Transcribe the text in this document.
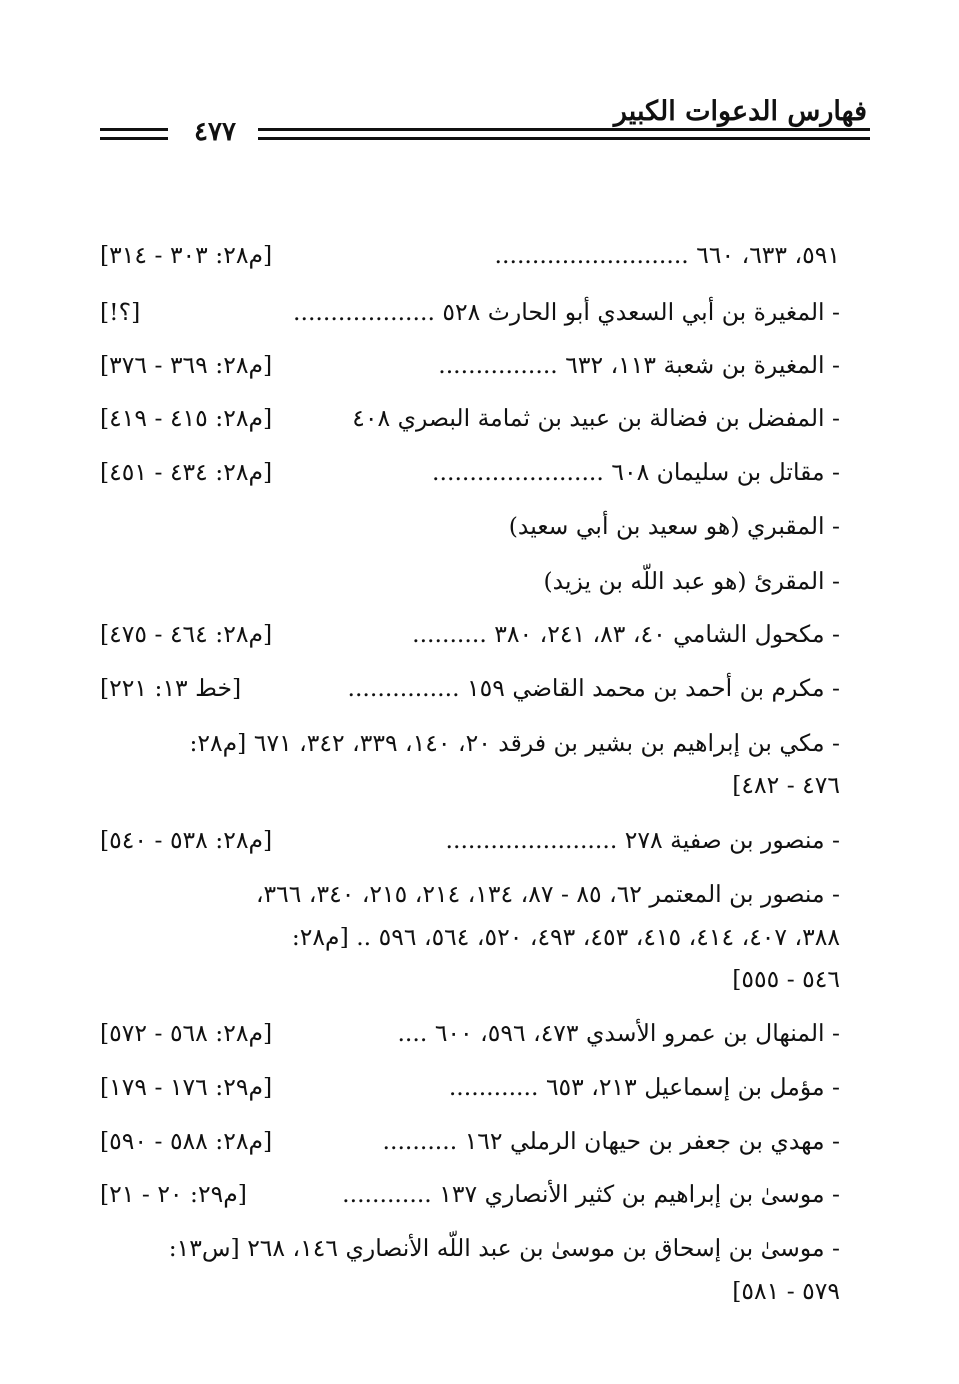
فهارس الدعوات الكبير
٤٧٧
٥٩١، ٦٣٣، ٦٦٠ ..........................
[م٢٨: ٣٠٣ - ٣١٤]
- المغيرة بن أبي السعدي أبو الحارث ٥٢٨ ...................
[؟!]
- المغيرة بن شعبة ١١٣، ٦٣٢ ................
[م٢٨: ٣٦٩ - ٣٧٦]
- المفضل بن فضالة بن عبيد بن ثمامة البصري ٤٠٨
[م٢٨: ٤١٥ - ٤١٩]
- مقاتل بن سليمان ٦٠٨ .......................
[م٢٨: ٤٣٤ - ٤٥١]
- المقبري (هو سعيد بن أبي سعيد)
- المقرئ (هو عبد اللّه بن يزيد)
- مكحول الشامي ٤٠، ٨٣، ٢٤١، ٣٨٠ ..........
[م٢٨: ٤٦٤ - ٤٧٥]
- مكرم بن أحمد بن محمد القاضي ١٥٩ ...............
[خط ١٣: ٢٢١]
- مكي بن إبراهيم بن بشير بن فرقد ٢٠، ١٤٠، ٣٣٩، ٣٤٢، ٦٧١ [م٢٨:
٤٧٦ - ٤٨٢]
- منصور بن صفية ٢٧٨ .......................
[م٢٨: ٥٣٨ - ٥٤٠]
- منصور بن المعتمر ٦٢، ٨٥ - ٨٧، ١٣٤، ٢١٤، ٢١٥، ٣٤٠، ٣٦٦،
٣٨٨، ٤٠٧، ٤١٤، ٤١٥، ٤٥٣، ٤٩٣، ٥٢٠، ٥٦٤، ٥٩٦ .. [م٢٨:
٥٤٦ - ٥٥٥]
- المنهال بن عمرو الأسدي ٤٧٣، ٥٩٦، ٦٠٠ ....
[م٢٨: ٥٦٨ - ٥٧٢]
- مؤمل بن إسماعيل ٢١٣، ٦٥٣ ............
[م٢٩: ١٧٦ - ١٧٩]
- مهدي بن جعفر بن حيهان الرملي ١٦٢ ..........
[م٢٨: ٥٨٨ - ٥٩٠]
- موسىٰ بن إبراهيم بن كثير الأنصاري ١٣٧ ............
[م٢٩: ٢٠ - ٢١]
- موسىٰ بن إسحاق بن موسىٰ بن عبد اللّه الأنصاري ١٤٦، ٢٦٨ [س١٣:
٥٧٩ - ٥٨١]
